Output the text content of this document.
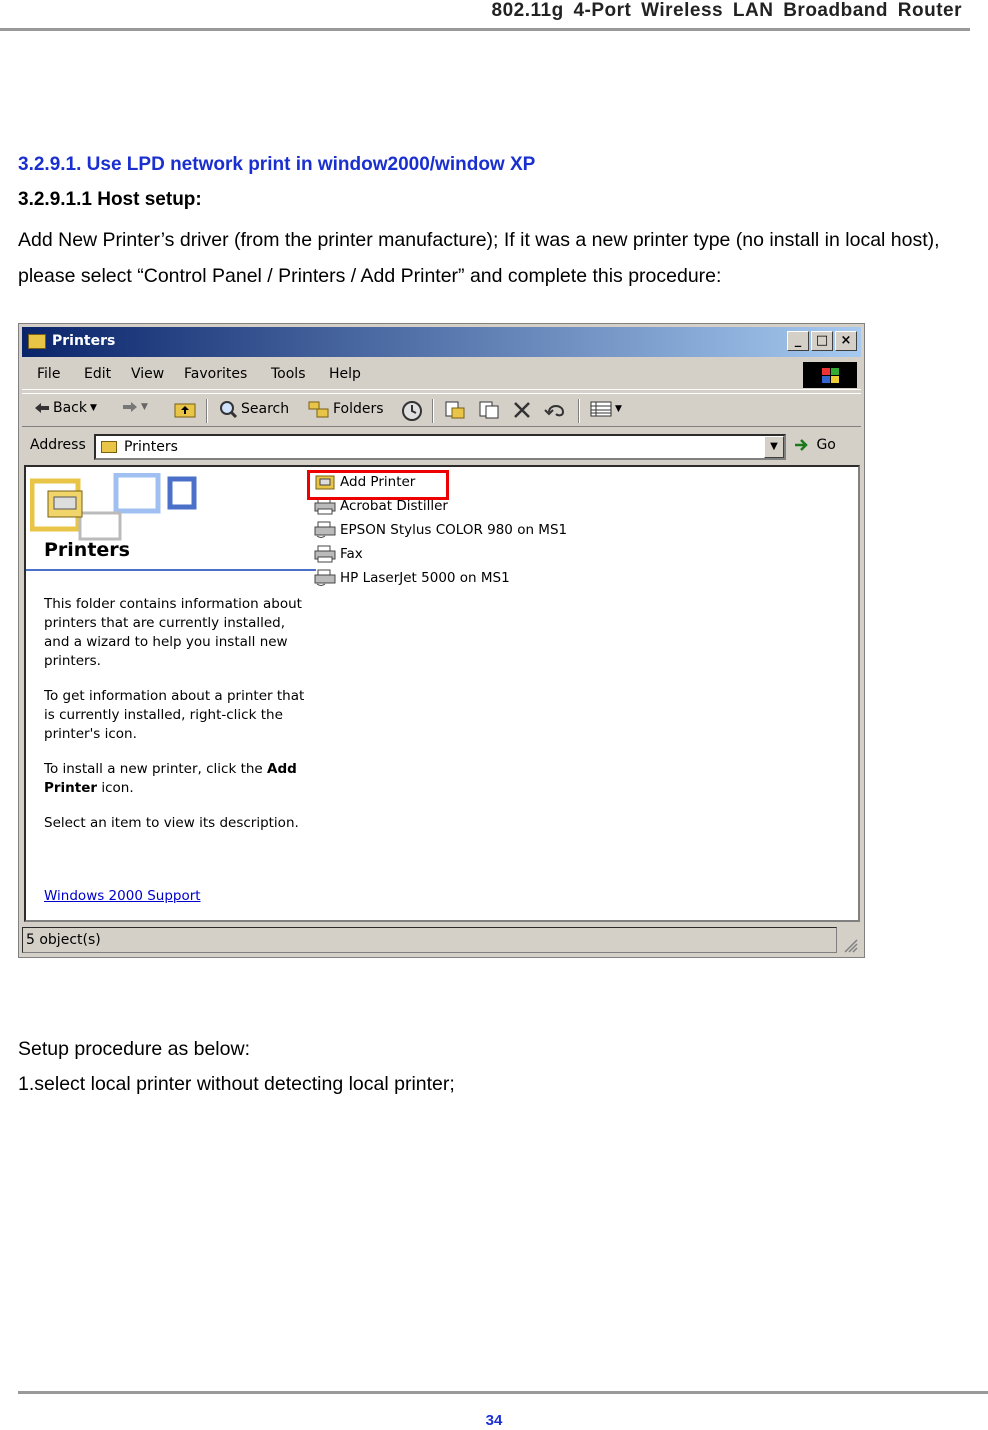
802.11g 4-Port Wireless LAN Broadband Router
3.2.9.1. Use LPD network print in window2000/window XP
3.2.9.1.1 Host setup:
Add New Printer’s driver (from the printer manufacture); If it was a new printer type (no install in local host), please select “Control Panel / Printers / Add Printer” and complete this procedure:
Printers	_	□ ×
File Edit View Favorites Tools Help
Back ▼	▼	Search	Folders	▼
Address	Printers	▼	Go
Printers
This folder contains information about printers that are currently installed, and a wizard to help you install new printers.
To get information about a printer that is currently installed, right-click the printer's icon.
To install a new printer, click the Add Printer icon.
Select an item to view its description.
Windows 2000 Support
Add Printer
Acrobat Distiller
EPSON Stylus COLOR 980 on MS1
Fax
HP LaserJet 5000 on MS1
5 object(s)
Setup procedure as below:
1.select local printer without detecting local printer;
34
